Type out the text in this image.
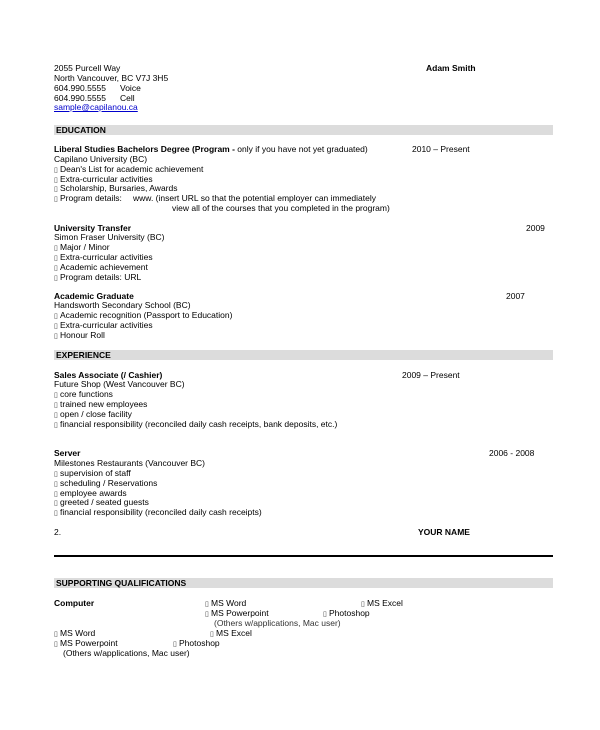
2055 Purcell Way
North Vancouver, BC V7J 3H5
604.990.5555 Voice
604.990.5555 Cell
sample@capilanou.ca
Adam Smith
EDUCATION
Liberal Studies Bachelors Degree (Program - only if you have not yet graduated)	2010 – Present
Capilano University (BC)
▯ Dean's List for academic achievement
▯ Extra-curricular activities
▯ Scholarship, Bursaries, Awards
▯ Program details: www. (insert URL so that the potential employer can immediately
view all of the courses that you completed in the program)
University Transfer	2009
Simon Fraser University (BC)
▯ Major / Minor
▯ Extra-curricular activities
▯ Academic achievement
▯ Program details: URL
Academic Graduate	2007
Handsworth Secondary School (BC)
▯ Academic recognition (Passport to Education)
▯ Extra-curricular activities
▯ Honour Roll
EXPERIENCE
Sales Associate (/ Cashier)	2009 – Present
Future Shop (West Vancouver BC)
▯ core functions
▯ trained new employees
▯ open / close facility
▯ financial responsibility (reconciled daily cash receipts, bank deposits, etc.)
Server	2006 - 2008
Milestones Restaurants (Vancouver BC)
▯ supervision of staff
▯ scheduling / Reservations
▯ employee awards
▯ greeted / seated guests
▯ financial responsibility (reconciled daily cash receipts)
2.	YOUR NAME
SUPPORTING QUALIFICATIONS
Computer	▯ MS Word	▯ MS Excel
▯ MS Powerpoint	▯ Photoshop
(Others w/applications, Mac user)
▯ MS Word	▯ MS Excel
▯ MS Powerpoint	▯ Photoshop
(Others w/applications, Mac user)
